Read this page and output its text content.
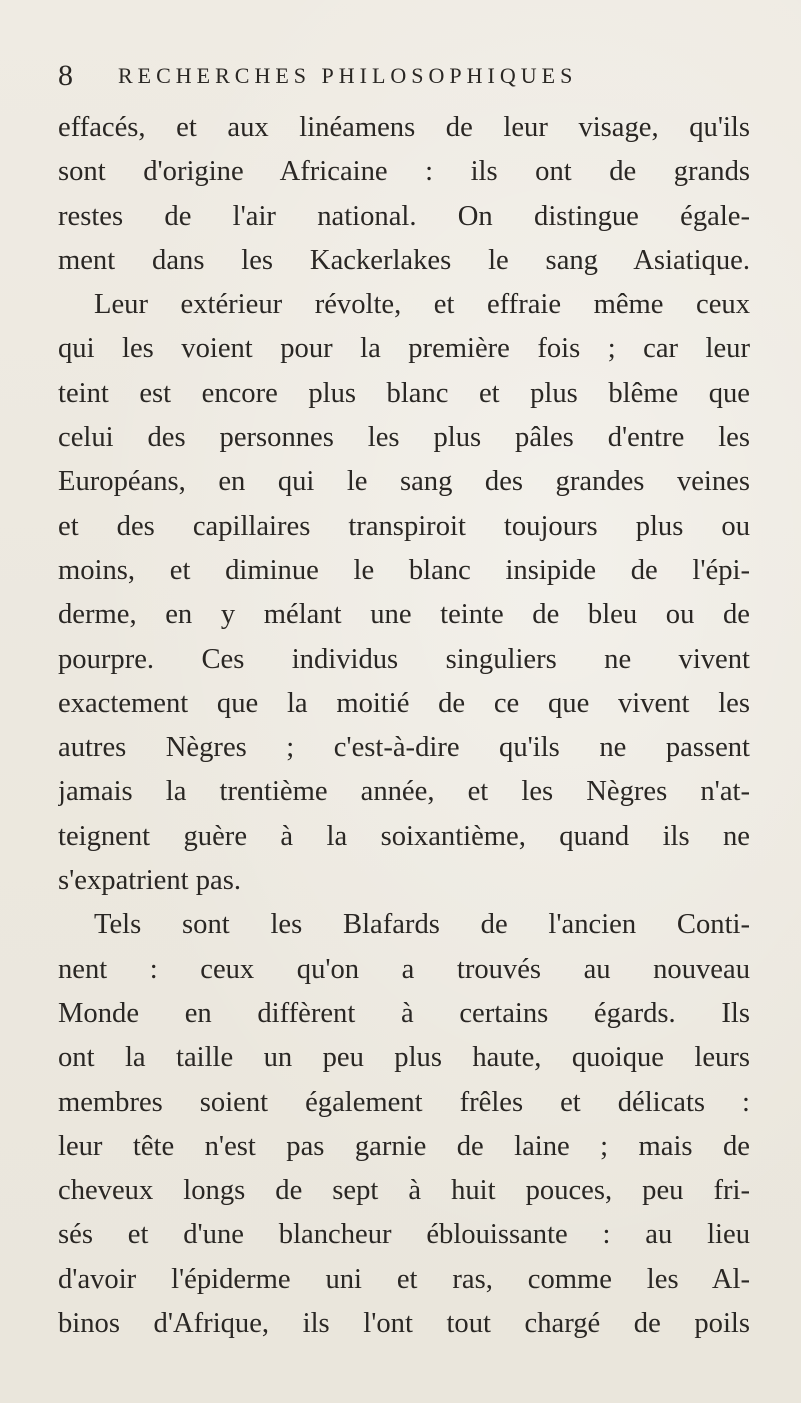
8 RECHERCHES PHILOSOPHIQUES
effacés, et aux linéamens de leur visage, qu'ils
sont d'origine Africaine : ils ont de grands
restes de l'air national. On distingue égale-
ment dans les Kackerlakes le sang Asiatique.
Leur extérieur révolte, et effraie même ceux
qui les voient pour la première fois ; car leur
teint est encore plus blanc et plus blême que
celui des personnes les plus pâles d'entre les
Européans, en qui le sang des grandes veines
et des capillaires transpiroit toujours plus ou
moins, et diminue le blanc insipide de l'épi-
derme, en y mélant une teinte de bleu ou de
pourpre. Ces individus singuliers ne vivent
exactement que la moitié de ce que vivent les
autres Nègres ; c'est-à-dire qu'ils ne passent
jamais la trentième année, et les Nègres n'at-
teignent guère à la soixantième, quand ils ne
s'expatrient pas.
Tels sont les Blafards de l'ancien Conti-
nent : ceux qu'on a trouvés au nouveau
Monde en diffèrent à certains égards. Ils
ont la taille un peu plus haute, quoique leurs
membres soient également frêles et délicats :
leur tête n'est pas garnie de laine ; mais de
cheveux longs de sept à huit pouces, peu fri-
sés et d'une blancheur éblouissante : au lieu
d'avoir l'épiderme uni et ras, comme les Al-
binos d'Afrique, ils l'ont tout chargé de poils
